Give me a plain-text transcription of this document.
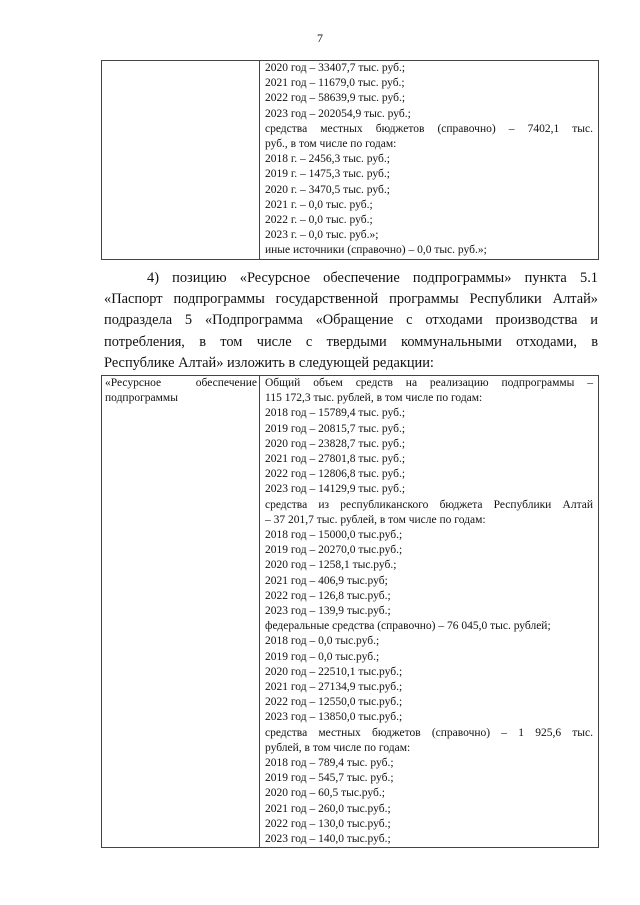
7

2020 год – 33407,7 тыс. руб.;
2021 год – 11679,0 тыс. руб.;
2022 год – 58639,9 тыс. руб.;
2023 год – 202054,9 тыс. руб.;
средства местных бюджетов (справочно) – 7402,1 тыс.
руб., в том числе по годам:
2018 г. – 2456,3 тыс. руб.;
2019 г. – 1475,3 тыс. руб.;
2020 г. – 3470,5 тыс. руб.;
2021 г. – 0,0 тыс. руб.;
2022 г. – 0,0 тыс. руб.;
2023 г. – 0,0 тыс. руб.»;
иные источники (справочно) – 0,0 тыс. руб.»;
4) позицию «Ресурсное обеспечение подпрограммы» пункта 5.1
«Паспорт подпрограммы государственной программы Республики Алтай»
подраздела 5 «Подпрограмма «Обращение с отходами производства и
потребления, в том числе с твердыми коммунальными отходами, в
Республике Алтай» изложить в следующей редакции:
«Ресурсное обеспечение
подпрограммы

Общий объем средств на реализацию подпрограммы –
115 172,3 тыс. рублей, в том числе по годам:
2018 год – 15789,4 тыс. руб.;
2019 год – 20815,7 тыс. руб.;
2020 год – 23828,7 тыс. руб.;
2021 год – 27801,8 тыс. руб.;
2022 год – 12806,8 тыс. руб.;
2023 год – 14129,9 тыс. руб.;
средства из республиканского бюджета Республики Алтай
– 37 201,7 тыс. рублей, в том числе по годам:
2018 год – 15000,0 тыс.руб.;
2019 год – 20270,0 тыс.руб.;
2020 год – 1258,1 тыс.руб.;
2021 год – 406,9 тыс.руб;
2022 год – 126,8 тыс.руб.;
2023 год – 139,9 тыс.руб.;
федеральные средства (справочно) – 76 045,0 тыс. рублей;
2018 год – 0,0 тыс.руб.;
2019 год – 0,0 тыс.руб.;
2020 год – 22510,1 тыс.руб.;
2021 год – 27134,9 тыс.руб.;
2022 год – 12550,0 тыс.руб.;
2023 год – 13850,0 тыс.руб.;
средства местных бюджетов (справочно) – 1 925,6 тыс.
рублей, в том числе по годам:
2018 год – 789,4 тыс. руб.;
2019 год – 545,7 тыс. руб.;
2020 год – 60,5 тыс.руб.;
2021 год – 260,0 тыс.руб.;
2022 год – 130,0 тыс.руб.;
2023 год – 140,0 тыс.руб.;
